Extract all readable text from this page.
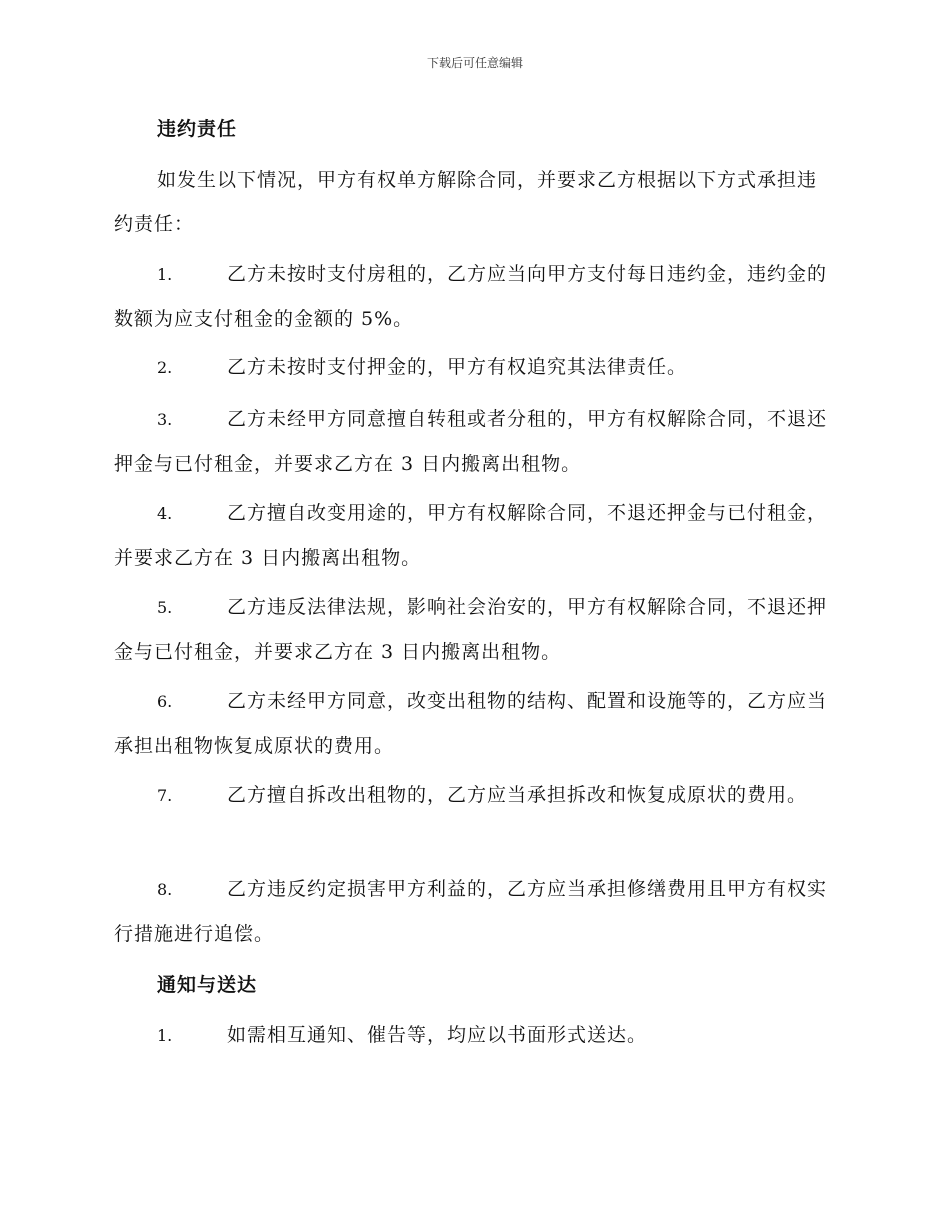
下载后可任意编辑
违约责任
如发生以下情况，甲方有权单方解除合同，并要求乙方根据以下方式承担违约责任：
1.	乙方未按时支付房租的，乙方应当向甲方支付每日违约金，违约金的数额为应支付租金的金额的 5%。
2.	乙方未按时支付押金的，甲方有权追究其法律责任。
3.	乙方未经甲方同意擅自转租或者分租的，甲方有权解除合同，不退还押金与已付租金，并要求乙方在 3 日内搬离出租物。
4.	乙方擅自改变用途的，甲方有权解除合同，不退还押金与已付租金，并要求乙方在 3 日内搬离出租物。
5.	乙方违反法律法规，影响社会治安的，甲方有权解除合同，不退还押金与已付租金，并要求乙方在 3 日内搬离出租物。
6.	乙方未经甲方同意，改变出租物的结构、配置和设施等的，乙方应当承担出租物恢复成原状的费用。
7.	乙方擅自拆改出租物的，乙方应当承担拆改和恢复成原状的费用。
8.	乙方违反约定损害甲方利益的，乙方应当承担修缮费用且甲方有权实行措施进行追偿。
通知与送达
1.	如需相互通知、催告等，均应以书面形式送达。
